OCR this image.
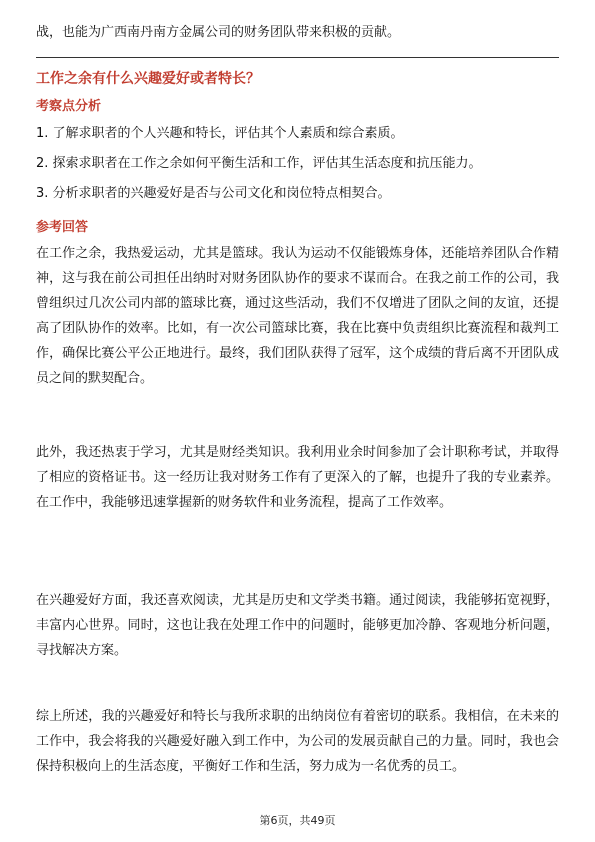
战，也能为广西南丹南方金属公司的财务团队带来积极的贡献。

工作之余有什么兴趣爱好或者特长？

考察点分析

1. 了解求职者的个人兴趣和特长，评估其个人素质和综合素质。
2. 探索求职者在工作之余如何平衡生活和工作，评估其生活态度和抗压能力。
3. 分析求职者的兴趣爱好是否与公司文化和岗位特点相契合。

参考回答

在工作之余，我热爱运动，尤其是篮球。我认为运动不仅能锻炼身体，还能培养团队合作精神，这与我在前公司担任出纳时对财务团队协作的要求不谋而合。在我之前工作的公司，我曾组织过几次公司内部的篮球比赛，通过这些活动，我们不仅增进了团队之间的友谊，还提高了团队协作的效率。比如，有一次公司篮球比赛，我在比赛中负责组织比赛流程和裁判工作，确保比赛公平公正地进行。最终，我们团队获得了冠军，这个成绩的背后离不开团队成员之间的默契配合。

此外，我还热衷于学习，尤其是财经类知识。我利用业余时间参加了会计职称考试，并取得了相应的资格证书。这一经历让我对财务工作有了更深入的了解，也提升了我的专业素养。在工作中，我能够迅速掌握新的财务软件和业务流程，提高了工作效率。

在兴趣爱好方面，我还喜欢阅读，尤其是历史和文学类书籍。通过阅读，我能够拓宽视野，丰富内心世界。同时，这也让我在处理工作中的问题时，能够更加冷静、客观地分析问题，寻找解决方案。

综上所述，我的兴趣爱好和特长与我所求职的出纳岗位有着密切的联系。我相信，在未来的工作中，我会将我的兴趣爱好融入到工作中，为公司的发展贡献自己的力量。同时，我也会保持积极向上的生活态度，平衡好工作和生活，努力成为一名优秀的员工。

第6页，共49页
